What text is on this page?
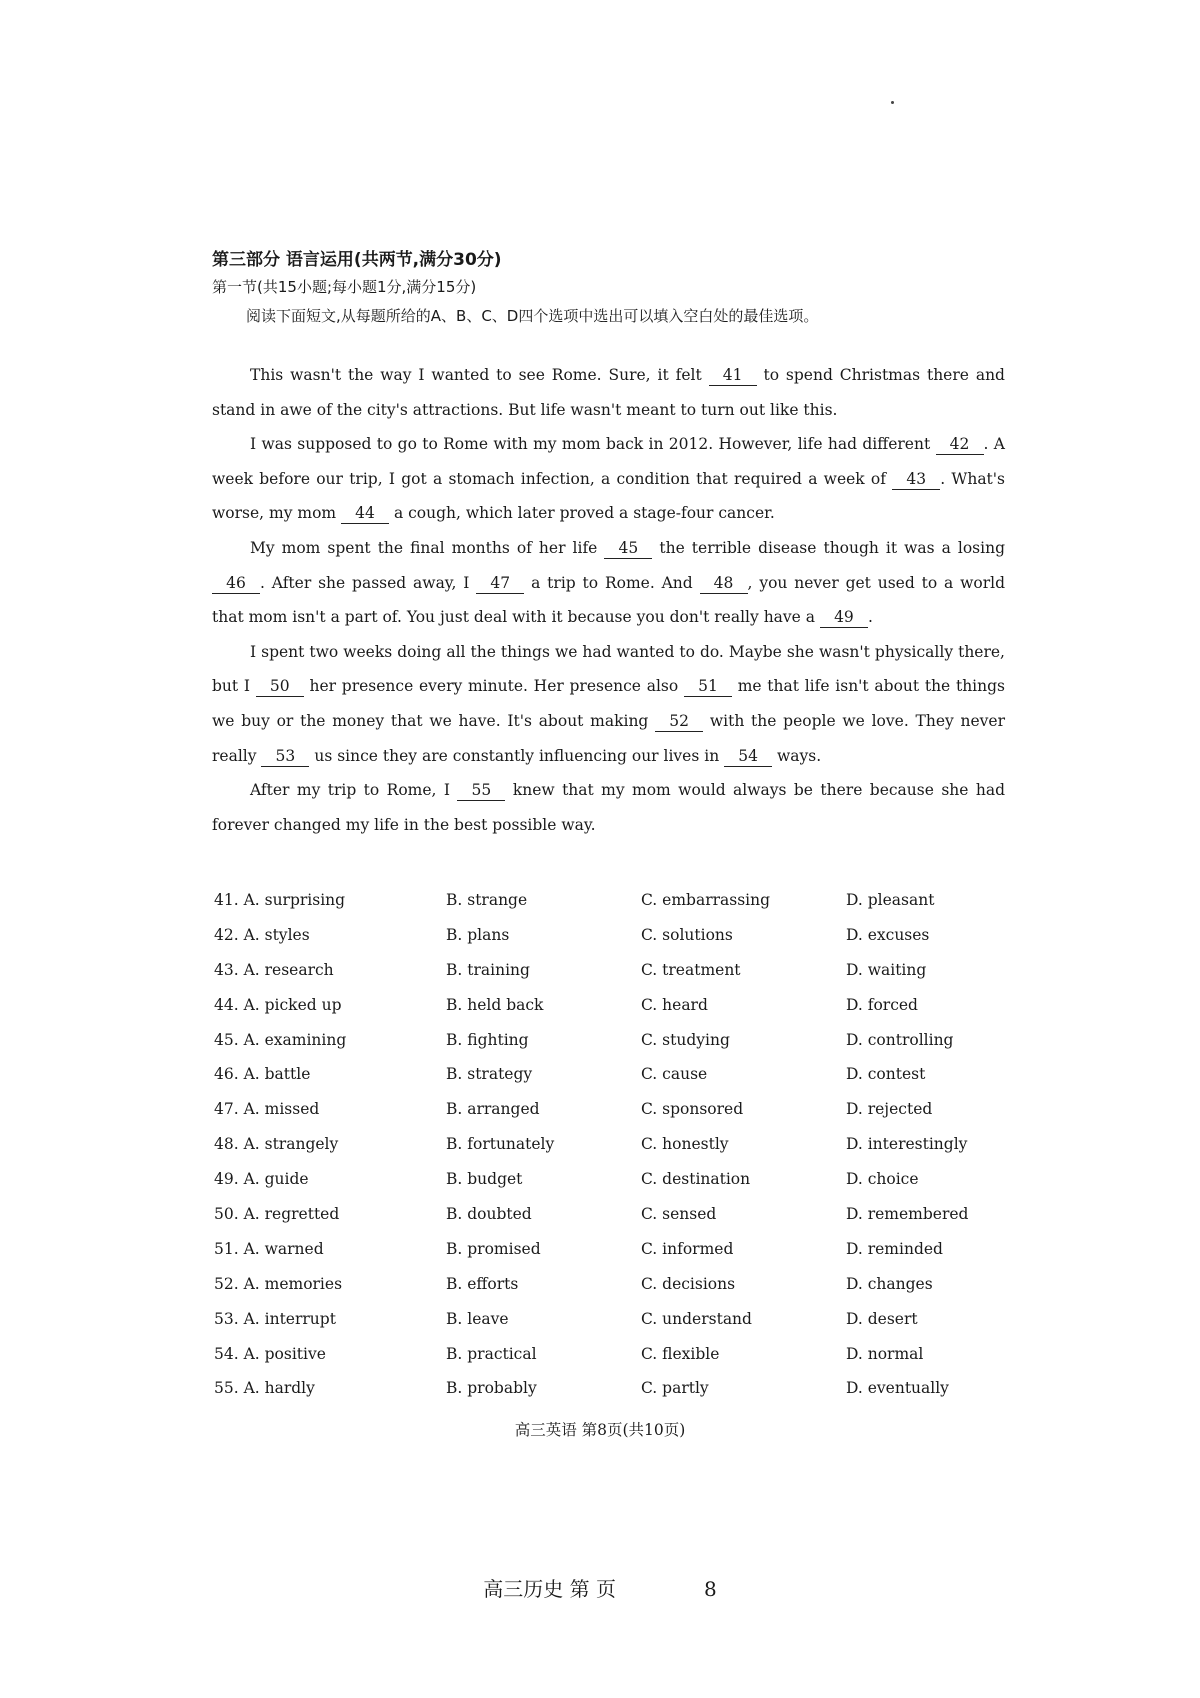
第三部分 语言运用(共两节,满分30分)
第一节(共15小题;每小题1分,满分15分)
阅读下面短文,从每题所给的A、B、C、D四个选项中选出可以填入空白处的最佳选项。

This wasn't the way I wanted to see Rome. Sure, it felt 41 to spend Christmas there and stand in awe of the city's attractions. But life wasn't meant to turn out like this.

I was supposed to go to Rome with my mom back in 2012. However, life had different 42 . A week before our trip, I got a stomach infection, a condition that required a week of 43 . What's worse, my mom 44 a cough, which later proved a stage-four cancer.

My mom spent the final months of her life 45 the terrible disease though it was a losing 46 . After she passed away, I 47 a trip to Rome. And 48 , you never get used to a world that mom isn't a part of. You just deal with it because you don't really have a 49 .

I spent two weeks doing all the things we had wanted to do. Maybe she wasn't physically there, but I 50 her presence every minute. Her presence also 51 me that life isn't about the things we buy or the money that we have. It's about making 52 with the people we love. They never really 53 us since they are constantly influencing our lives in 54 ways.

After my trip to Rome, I 55 knew that my mom would always be there because she had forever changed my life in the best possible way.

41. A. surprising	B. strange	C. embarrassing	D. pleasant
42. A. styles	B. plans	C. solutions	D. excuses
43. A. research	B. training	C. treatment	D. waiting
44. A. picked up	B. held back	C. heard	D. forced
45. A. examining	B. fighting	C. studying	D. controlling
46. A. battle	B. strategy	C. cause	D. contest
47. A. missed	B. arranged	C. sponsored	D. rejected
48. A. strangely	B. fortunately	C. honestly	D. interestingly
49. A. guide	B. budget	C. destination	D. choice
50. A. regretted	B. doubted	C. sensed	D. remembered
51. A. warned	B. promised	C. informed	D. reminded
52. A. memories	B. efforts	C. decisions	D. changes
53. A. interrupt	B. leave	C. understand	D. desert
54. A. positive	B. practical	C. flexible	D. normal
55. A. hardly	B. probably	C. partly	D. eventually
高三英语 第8页(共10页)
高三历史 第 页	8
